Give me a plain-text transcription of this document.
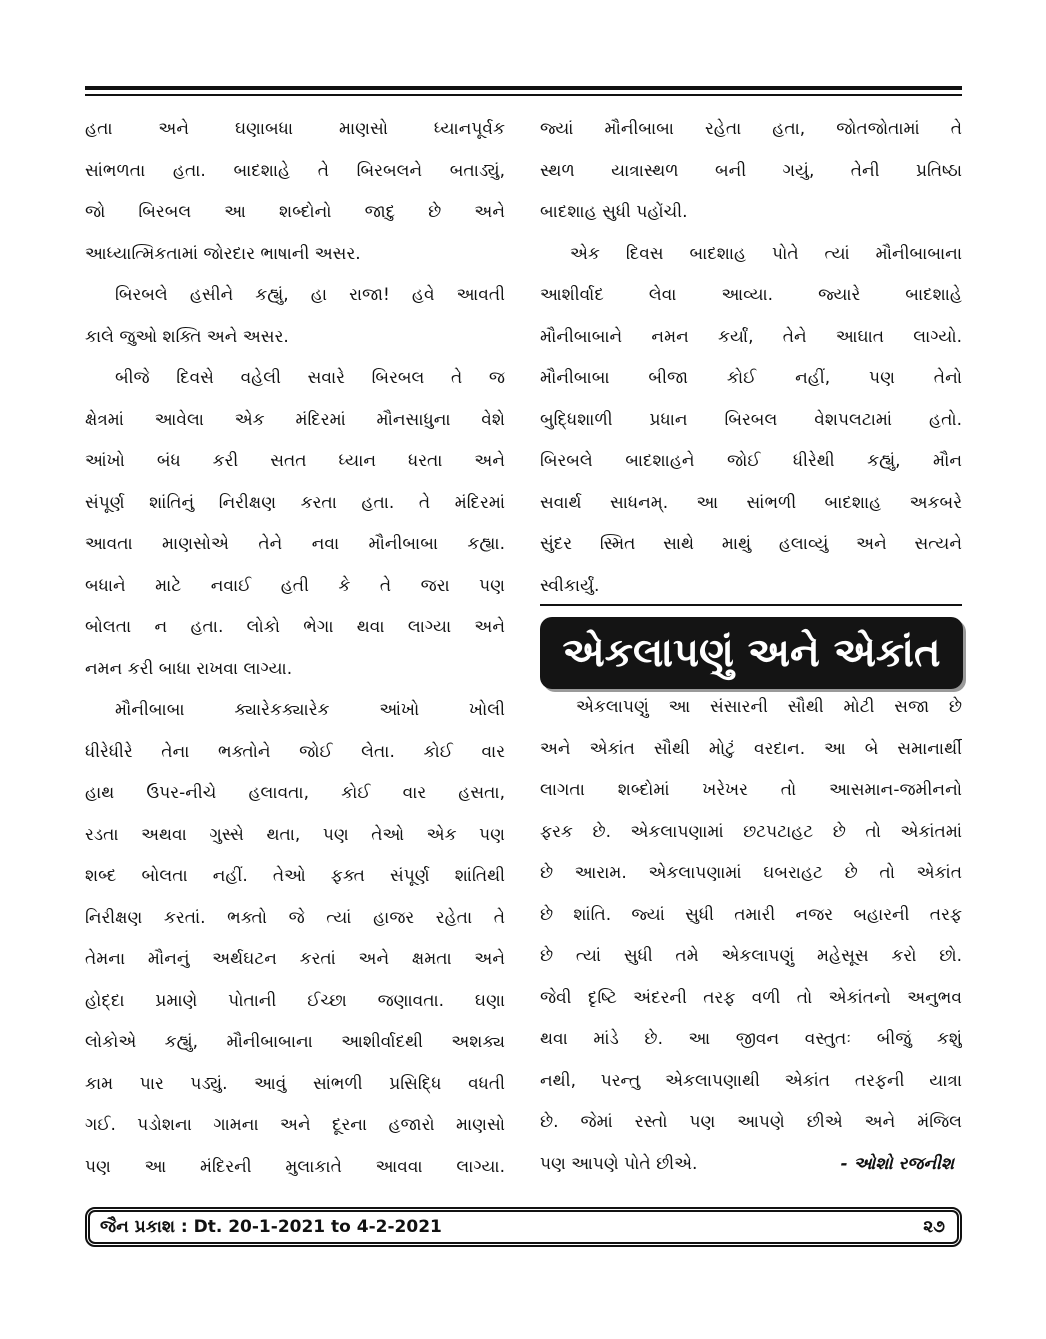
હતા અને ઘણાબધા માણસો ધ્યાનપૂર્વક
સાંભળતા હતા. બાદશાહે તે બિરબલને બતાડ્યું,
જો બિરબલ આ શબ્દોનો જાદુ છે અને
આધ્યાત્મિકતામાં જોરદાર ભાષાની અસર.
બિરબલે હસીને કહ્યું, હા રાજા! હવે આવતી
કાલે જુઓ શક્તિ અને અસર.
બીજે દિવસે વહેલી સવારે બિરબલ તે જ
ક્ષેત્રમાં આવેલા એક મંદિરમાં મૌનસાધુના વેશે
આંખો બંધ કરી સતત ધ્યાન ધરતા અને
સંપૂર્ણ શાંતિનું નિરીક્ષણ કરતા હતા. તે મંદિરમાં
આવતા માણસોએ તેને નવા મૌનીબાબા કહ્યા.
બધાને માટે નવાઈ હતી કે તે જરા પણ
બોલતા ન હતા. લોકો ભેગા થવા લાગ્યા અને
નમન કરી બાધા રાખવા લાગ્યા.
મૌનીબાબા ક્યારેકક્યારેક આંખો ખોલી
ધીરેધીરે તેના ભક્તોને જોઈ લેતા. કોઈ વાર
હાથ ઉપર-નીચે હલાવતા, કોઈ વાર હસતા,
રડતા અથવા ગુસ્સે થતા, પણ તેઓ એક પણ
શબ્દ બોલતા નહીં. તેઓ ફક્ત સંપૂર્ણ શાંતિથી
નિરીક્ષણ કરતાં. ભક્તો જે ત્યાં હાજર રહેતા તે
તેમના મૌનનું અર્થઘટન કરતાં અને ક્ષમતા અને
હોદ્દા પ્રમાણે પોતાની ઈચ્છા જણાવતા. ઘણા
લોકોએ કહ્યું, મૌનીબાબાના આશીર્વાદથી અશક્ય
કામ પાર પડ્યું. આવું સાંભળી પ્રસિદ્ધિ વધતી
ગઈ. પડોશના ગામના અને દૂરના હજારો માણસો
પણ આ મંદિરની મુલાકાતે આવવા લાગ્યા.
જ્યાં મૌનીબાબા રહેતા હતા, જોતજોતામાં તે
સ્થળ યાત્રાસ્થળ બની ગયું, તેની પ્રતિષ્ઠા
બાદશાહ સુધી પહોંચી.
એક દિવસ બાદશાહ પોતે ત્યાં મૌનીબાબાના
આશીર્વાદ લેવા આવ્યા. જ્યારે બાદશાહે
મૌનીબાબાને નમન કર્યાં, તેને આઘાત લાગ્યો.
મૌનીબાબા બીજા કોઈ નહીં, પણ તેનો
બુદ્ધિશાળી પ્રધાન બિરબલ વેશપલટામાં હતો.
બિરબલે બાદશાહને જોઈ ધીરેથી કહ્યું, મૌન
સવાર્થ સાધનમ્. આ સાંભળી બાદશાહ અકબરે
સુંદર સ્મિત સાથે માથું હલાવ્યું અને સત્યને
સ્વીકાર્યું.
એકલાપણું અને એકાંત
એકલાપણું આ સંસારની સૌથી મોટી સજા છે
અને એકાંત સૌથી મોટું વરદાન. આ બે સમાનાર્થી
લાગતા શબ્દોમાં ખરેખર તો આસમાન-જમીનનો
ફરક છે. એકલાપણામાં છટપટાહટ છે તો એકાંતમાં
છે આરામ. એકલાપણામાં ઘબરાહટ છે તો એકાંત
છે શાંતિ. જ્યાં સુધી તમારી નજર બહારની તરફ
છે ત્યાં સુધી તમે એકલાપણું મહેસૂસ કરો છો.
જેવી દૃષ્ટિ અંદરની તરફ વળી તો એકાંતનો અનુભવ
થવા માંડે છે. આ જીવન વસ્તુતઃ બીજું કશું
નથી, પરન્તુ એકલાપણાથી એકાંત તરફની યાત્રા
છે. જેમાં રસ્તો પણ આપણે છીએ અને મંજિલ
પણ આપણે પોતે છીએ.	- ઓશો રજનીશ
જૈન પ્રકાશ : Dt. 20-1-2021 to 4-2-2021	૨૭
